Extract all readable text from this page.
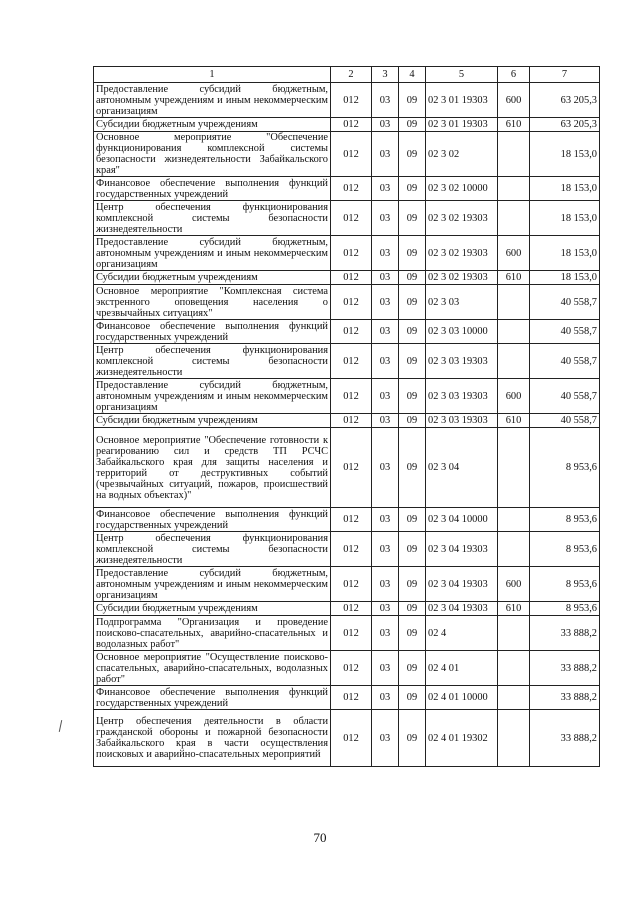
1	2	3	4	5	6	7
Предоставление субсидий бюджетным, автономным учреждениям и иным некоммерческим организациям	012	03	09	02 3 01 19303	600	63 205,3
Субсидии бюджетным учреждениям	012	03	09	02 3 01 19303	610	63 205,3
Основное мероприятие "Обеспечение функционирования комплексной системы безопасности жизнедеятельности Забайкальского края"	012	03	09	02 3 02		18 153,0
Финансовое обеспечение выполнения функций государственных учреждений	012	03	09	02 3 02 10000		18 153,0
Центр обеспечения функционирования комплексной системы безопасности жизнедеятельности	012	03	09	02 3 02 19303		18 153,0
Предоставление субсидий бюджетным, автономным учреждениям и иным некоммерческим организациям	012	03	09	02 3 02 19303	600	18 153,0
Субсидии бюджетным учреждениям	012	03	09	02 3 02 19303	610	18 153,0
Основное мероприятие "Комплексная система экстренного оповещения населения о чрезвычайных ситуациях"	012	03	09	02 3 03		40 558,7
Финансовое обеспечение выполнения функций государственных учреждений	012	03	09	02 3 03 10000		40 558,7
Центр обеспечения функционирования комплексной системы безопасности жизнедеятельности	012	03	09	02 3 03 19303		40 558,7
Предоставление субсидий бюджетным, автономным учреждениям и иным некоммерческим организациям	012	03	09	02 3 03 19303	600	40 558,7
Субсидии бюджетным учреждениям	012	03	09	02 3 03 19303	610	40 558,7
Основное мероприятие "Обеспечение готовности к реагированию сил и средств ТП РСЧС Забайкальского края для защиты населения и территорий от деструктивных событий (чрезвычайных ситуаций, пожаров, происшествий на водных объектах)"	012	03	09	02 3 04		8 953,6
Финансовое обеспечение выполнения функций государственных учреждений	012	03	09	02 3 04 10000		8 953,6
Центр обеспечения функционирования комплексной системы безопасности жизнедеятельности	012	03	09	02 3 04 19303		8 953,6
Предоставление субсидий бюджетным, автономным учреждениям и иным некоммерческим организациям	012	03	09	02 3 04 19303	600	8 953,6
Субсидии бюджетным учреждениям	012	03	09	02 3 04 19303	610	8 953,6
Подпрограмма "Организация и проведение поисково-спасательных, аварийно-спасательных и водолазных работ"	012	03	09	02 4		33 888,2
Основное мероприятие "Осуществление поисково-спасательных, аварийно-спасательных, водолазных работ"	012	03	09	02 4 01		33 888,2
Финансовое обеспечение выполнения функций государственных учреждений	012	03	09	02 4 01 10000		33 888,2
Центр обеспечения деятельности в области гражданской обороны и пожарной безопасности Забайкальского края в части осуществления поисковых и аварийно-спасательных мероприятий	012	03	09	02 4 01 19302		33 888,2
70
